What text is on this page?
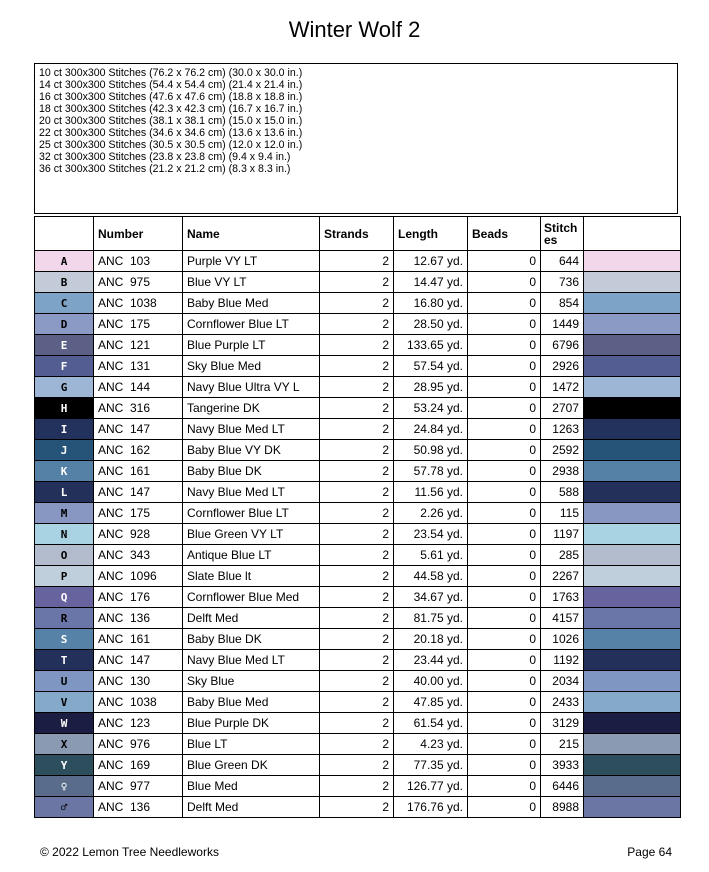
Winter Wolf 2
10 ct 300x300 Stitches (76.2 x 76.2 cm) (30.0 x 30.0 in.)
14 ct 300x300 Stitches (54.4 x 54.4 cm) (21.4 x 21.4 in.)
16 ct 300x300 Stitches (47.6 x 47.6 cm) (18.8 x 18.8 in.)
18 ct 300x300 Stitches (42.3 x 42.3 cm) (16.7 x 16.7 in.)
20 ct 300x300 Stitches (38.1 x 38.1 cm) (15.0 x 15.0 in.)
22 ct 300x300 Stitches (34.6 x 34.6 cm) (13.6 x 13.6 in.)
25 ct 300x300 Stitches (30.5 x 30.5 cm) (12.0 x 12.0 in.)
32 ct 300x300 Stitches (23.8 x 23.8 cm) (9.4 x 9.4 in.)
36 ct 300x300 Stitches (21.2 x 21.2 cm) (8.3 x 8.3 in.)
	Number	Name	Strands	Length	Beads	Stitches	
A	ANC 103	Purple VY LT	2	12.67 yd.	0	644	
B	ANC 975	Blue VY LT	2	14.47 yd.	0	736	
C	ANC 1038	Baby Blue Med	2	16.80 yd.	0	854	
D	ANC 175	Cornflower Blue LT	2	28.50 yd.	0	1449	
E	ANC 121	Blue Purple LT	2	133.65 yd.	0	6796	
F	ANC 131	Sky Blue Med	2	57.54 yd.	0	2926	
G	ANC 144	Navy Blue Ultra VY L	2	28.95 yd.	0	1472	
H	ANC 316	Tangerine DK	2	53.24 yd.	0	2707	
I	ANC 147	Navy Blue Med LT	2	24.84 yd.	0	1263	
J	ANC 162	Baby Blue VY DK	2	50.98 yd.	0	2592	
K	ANC 161	Baby Blue DK	2	57.78 yd.	0	2938	
L	ANC 147	Navy Blue Med LT	2	11.56 yd.	0	588	
M	ANC 175	Cornflower Blue LT	2	2.26 yd.	0	115	
N	ANC 928	Blue Green VY LT	2	23.54 yd.	0	1197	
O	ANC 343	Antique Blue LT	2	5.61 yd.	0	285	
P	ANC 1096	Slate Blue lt	2	44.58 yd.	0	2267	
Q	ANC 176	Cornflower Blue Med	2	34.67 yd.	0	1763	
R	ANC 136	Delft Med	2	81.75 yd.	0	4157	
S	ANC 161	Baby Blue DK	2	20.18 yd.	0	1026	
T	ANC 147	Navy Blue Med LT	2	23.44 yd.	0	1192	
U	ANC 130	Sky Blue	2	40.00 yd.	0	2034	
V	ANC 1038	Baby Blue Med	2	47.85 yd.	0	2433	
W	ANC 123	Blue Purple DK	2	61.54 yd.	0	3129	
X	ANC 976	Blue LT	2	4.23 yd.	0	215	
Y	ANC 169	Blue Green DK	2	77.35 yd.	0	3933	
♀	ANC 977	Blue Med	2	126.77 yd.	0	6446	
♂	ANC 136	Delft Med	2	176.76 yd.	0	8988	
© 2022 Lemon Tree Needleworks	Page 64
